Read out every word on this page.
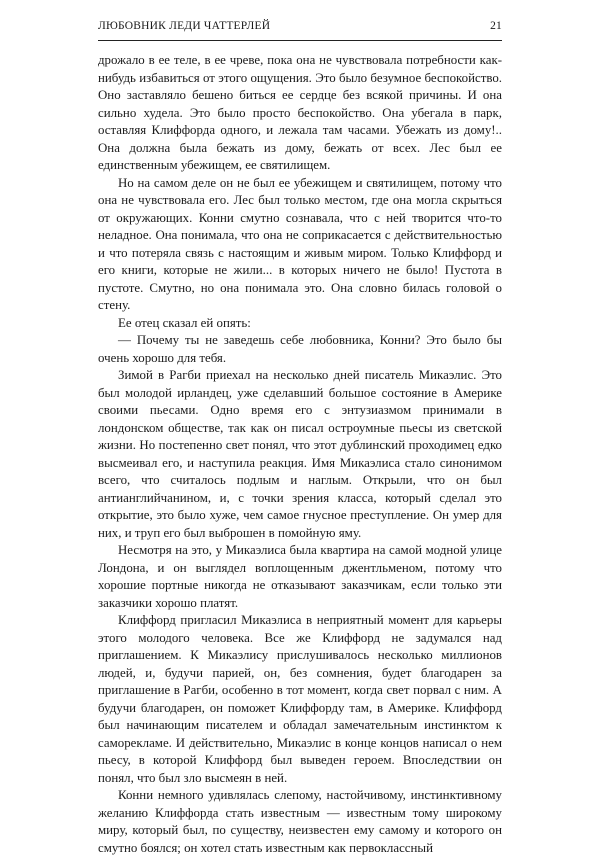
ЛЮБОВНИК ЛЕДИ ЧАТТЕРЛЕЙ	21

дрожало в ее теле, в ее чреве, пока она не чувствовала потребности как-нибудь избавиться от этого ощущения. Это было безумное беспокойство. Оно заставляло бешено биться ее сердце без всякой причины. И она сильно худела. Это было просто беспокойство. Она убегала в парк, оставляя Клиффорда одного, и лежала там часами. Убежать из дому!.. Она должна была бежать из дому, бежать от всех. Лес был ее единственным убежищем, ее святилищем.

Но на самом деле он не был ее убежищем и святилищем, потому что она не чувствовала его. Лес был только местом, где она могла скрыться от окружающих. Конни смутно сознавала, что с ней творится что-то неладное. Она понимала, что она не соприкасается с действительностью и что потеряла связь с настоящим и живым миром. Только Клиффорд и его книги, которые не жили... в которых ничего не было! Пустота в пустоте. Смутно, но она понимала это. Она словно билась головой о стену.

Ее отец сказал ей опять:

— Почему ты не заведешь себе любовника, Конни? Это было бы очень хорошо для тебя.

Зимой в Рагби приехал на несколько дней писатель Микаэлис. Это был молодой ирландец, уже сделавший большое состояние в Америке своими пьесами. Одно время его с энтузиазмом принимали в лондонском обществе, так как он писал остроумные пьесы из светской жизни. Но постепенно свет понял, что этот дублинский проходимец едко высмеивал его, и наступила реакция. Имя Микаэлиса стало синонимом всего, что считалось подлым и наглым. Открыли, что он был антианглийчанином, и, с точки зрения класса, который сделал это открытие, это было хуже, чем самое гнусное преступление. Он умер для них, и труп его был выброшен в помойную яму.

Несмотря на это, у Микаэлиса была квартира на самой модной улице Лондона, и он выглядел воплощенным джентльменом, потому что хорошие портные никогда не отказывают заказчикам, если только эти заказчики хорошо платят.

Клиффорд пригласил Микаэлиса в неприятный момент для карьеры этого молодого человека. Все же Клиффорд не задумался над приглашением. К Микаэлису прислушивалось несколько миллионов людей, и, будучи парией, он, без сомнения, будет благодарен за приглашение в Рагби, особенно в тот момент, когда свет порвал с ним. А будучи благодарен, он поможет Клиффорду там, в Америке. Клиффорд был начинающим писателем и обладал замечательным инстинктом к саморекламе. И действительно, Микаэлис в конце концов написал о нем пьесу, в которой Клиффорд был выведен героем. Впоследствии он понял, что был зло высмеян в ней.

Конни немного удивлялась слепому, настойчивому, инстинктивному желанию Клиффорда стать известным — известным тому широкому миру, который был, по существу, неизвестен ему самому и которого он смутно боялся; он хотел стать известным как первоклассный
